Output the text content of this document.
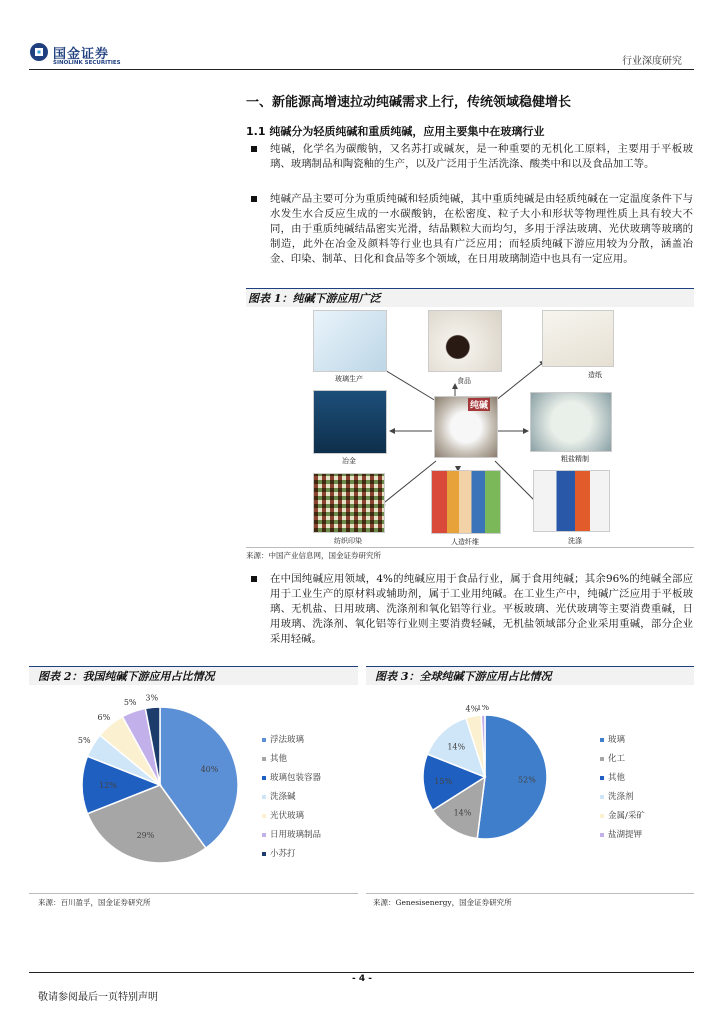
国金证券
SINOLINK SECURITIES	行业深度研究
一、新能源高增速拉动纯碱需求上行，传统领域稳健增长
1.1 纯碱分为轻质纯碱和重质纯碱，应用主要集中在玻璃行业
纯碱，化学名为碳酸钠，又名苏打或碱灰，是一种重要的无机化工原料，主要用于平板玻璃、玻璃制品和陶瓷釉的生产，以及广泛用于生活洗涤、酸类中和以及食品加工等。
纯碱产品主要可分为重质纯碱和轻质纯碱，其中重质纯碱是由轻质纯碱在一定温度条件下与水发生水合反应生成的一水碳酸钠，在松密度、粒子大小和形状等物理性质上具有较大不同，由于重质纯碱结晶密实光滑，结晶颗粒大而均匀，多用于浮法玻璃、光伏玻璃等玻璃的制造，此外在冶金及颜料等行业也具有广泛应用；而轻质纯碱下游应用较为分散，涵盖冶金、印染、制革、日化和食品等多个领域，在日用玻璃制造中也具有一定应用。
图表 1：纯碱下游应用广泛
玻璃生产	食品
造纸
冶金
纯碱
粗盐精制
纺织印染	人造纤维	洗涤
来源：中国产业信息网，国金证券研究所
在中国纯碱应用领域，4%的纯碱应用于食品行业，属于食用纯碱；其余96%的纯碱全部应用于工业生产的原材料或辅助剂，属于工业用纯碱。在工业生产中，纯碱广泛应用于平板玻璃、无机盐、日用玻璃、洗涤剂和氧化铝等行业。平板玻璃、光伏玻璃等主要消费重碱，日用玻璃、洗涤剂、氧化铝等行业则主要消费轻碱，无机盐领域部分企业采用重碱，部分企业采用轻碱。
图表 2：我国纯碱下游应用占比情况
40%
29%
12%
5%
6%
5%
3%
浮法玻璃
其他
玻璃包装容器
洗涤碱
光伏玻璃
日用玻璃制品
小苏打
来源：百川盈孚，国金证券研究所
图表 3：全球纯碱下游应用占比情况
52%
14%
15%
14%
4%
1%
玻璃
化工
其他
洗涤剂
金属/采矿
盐湖提钾
来源：Genesisenergy，国金证券研究所
- 4 -
敬请参阅最后一页特别声明
